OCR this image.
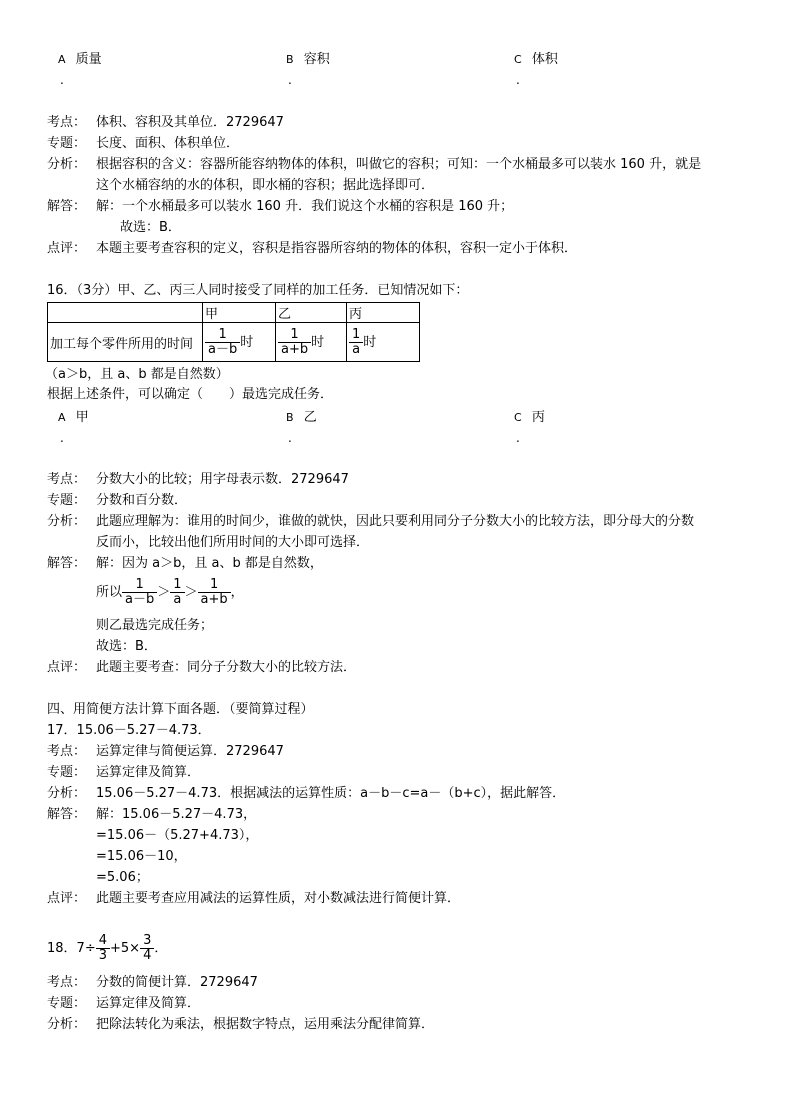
A 质量
.
B 容积
.
C 体积
.
考点： 体积、容积及其单位．2729647
专题： 长度、面积、体积单位．
分析： 根据容积的含义：容器所能容纳物体的体积，叫做它的容积；可知：一个水桶最多可以装水 160 升，就是
这个水桶容纳的水的体积，即水桶的容积；据此选择即可．
解答： 解：一个水桶最多可以装水 160 升．我们说这个水桶的容积是 160 升；
故选：B．
点评： 本题主要考查容积的定义，容积是指容器所容纳的物体的体积，容积一定小于体积．
16．（3分）甲、乙、丙三人同时接受了同样的加工任务．已知情况如下：
	甲	乙	丙
加工每个零件所用的时间	$\frac{1}{a-b}$ 时	$\frac{1}{a+b}$ 时	$\frac{1}{a}$ 时
（a＞b，且 a、b 都是自然数）
根据上述条件，可以确定（　　）最选完成任务．
A 甲
.
B 乙
.
C 丙
.
考点： 分数大小的比较；用字母表示数．2729647
专题： 分数和百分数．
分析： 此题应理解为：谁用的时间少，谁做的就快，因此只要利用同分子分数大小的比较方法，即分母大的分数
反而小，比较出他们所用时间的大小即可选择．
解答： 解：因为 a＞b，且 a、b 都是自然数，
所以 $\frac{1}{a-b} > \frac{1}{a} > \frac{1}{a+b}$ ，
则乙最选完成任务；
故选：B．
点评： 此题主要考查：同分子分数大小的比较方法．
四、用简便方法计算下面各题．（要简算过程）
17．15.06－5.27－4.73．
考点： 运算定律与简便运算．2729647
专题： 运算定律及简算．
分析： 15.06－5.27－4.73．根据减法的运算性质：a－b－c=a－（b+c），据此解答．
解答： 解：15.06－5.27－4.73，
=15.06－（5.27+4.73），
=15.06－10，
=5.06；
点评： 此题主要考查应用减法的运算性质，对小数减法进行简便计算．
18．$7\div \frac{4}{3} +5\times \frac{3}{4}$ ．
考点： 分数的简便计算．2729647
专题： 运算定律及简算．
分析： 把除法转化为乘法，根据数字特点，运用乘法分配律简算．
